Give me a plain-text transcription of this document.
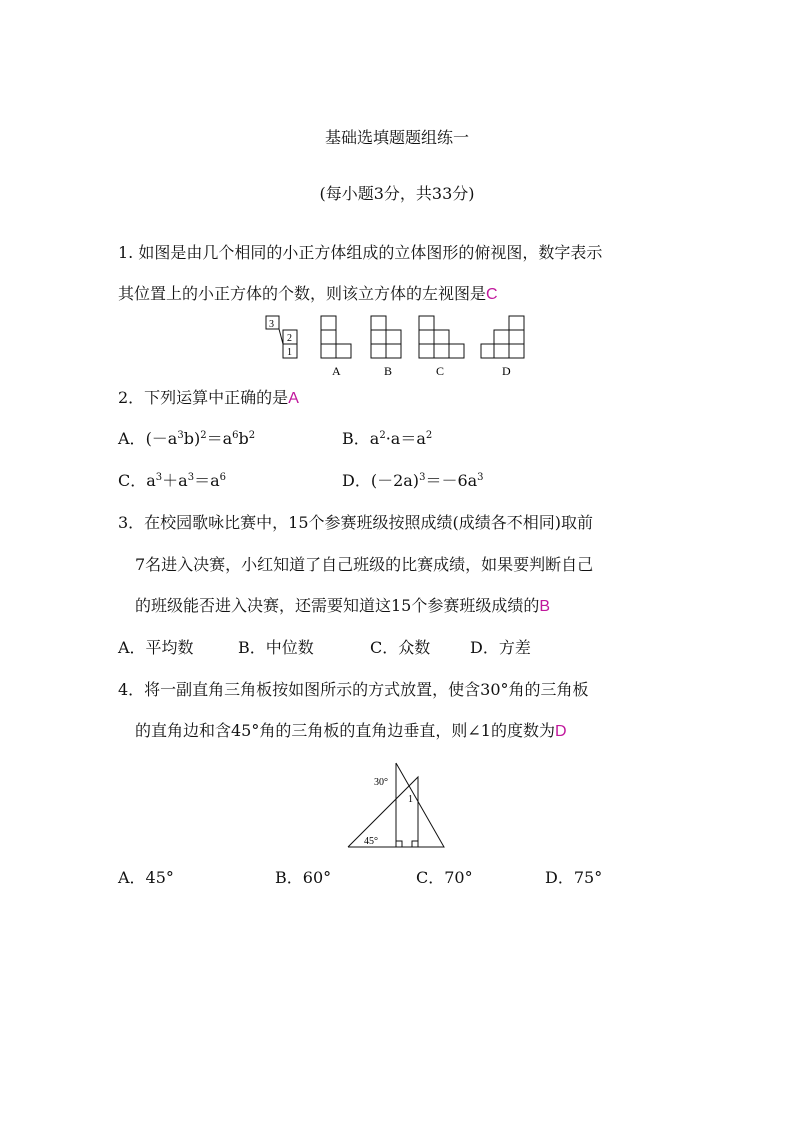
基础选填题题组练一
(每小题3分，共33分)
1. 如图是由几个相同的小正方体组成的立体图形的俯视图，数字表示
其位置上的小正方体的个数，则该立方体的左视图是C
3
2
1
A	B	C	D
2．下列运算中正确的是A
A．$(-a^3b)^2=a^6b^2$	B．$a^2\cdot a=a^2$
C．$a^3+a^3=a^6$	D．$(-2a)^3=-6a^3$
3．在校园歌咏比赛中，15个参赛班级按照成绩(成绩各不相同)取前
7名进入决赛，小红知道了自己班级的比赛成绩，如果要判断自己
的班级能否进入决赛，还需要知道这15个参赛班级成绩的B
A．平均数	B．中位数	C．众数 D．方差
4．将一副直角三角板按如图所示的方式放置，使含30°角的三角板
的直角边和含45°角的三角板的直角边垂直，则∠1的度数为D
30°
1
45°
A．45°	B．60°	C．70°	D．75°
